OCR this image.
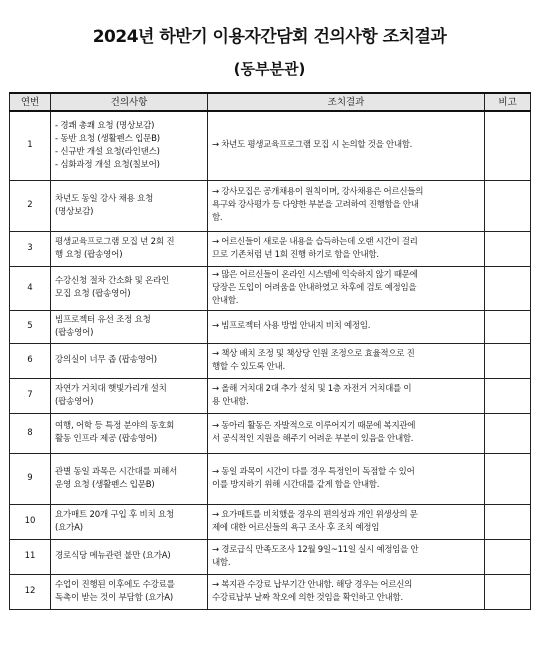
2024년 하반기 이용자간담회 건의사항 조치결과
(동부분관)
연번	건의사항	조치결과	비고
1	- 경쾌 총쾌 요청 (명상보감)
- 동반 요청 (생활펜스 입문B)
- 신규반 개설 요청(라인댄스)
- 심화과정 개설 요청(칠보어)	→ 차년도 평생교육프로그램 모집 시 논의할 것을 안내함.	

2	차년도 동일 강사 채용 요청
(명상보감)	→ 강사모집은 공개채용이 원칙이며, 강사채용은 어르신들의
욕구와 강사평가 등 다양한 부분을 고려하여 진행함을 안내
함.	

3	평생교육프로그램 모집 년 2회 진
행 요청 (팝송영어)	→ 어르신들이 새로운 내용을 습득하는데 오랜 시간이 걸리
므로 기존처럼 년 1회 진행 하기로 함을 안내함.	

4	수강신청 절차 간소화 및 온라인
모집 요청 (팝송영어)	→ 많은 어르신들이 온라인 시스템에 익숙하지 않기 때문에
당장은 도입이 어려움을 안내하였고 차후에 검토 예정임을
안내함.	

5	빔프로젝터 유선 조정 요청
(팝송영어)	→ 빔프로젝터 사용 방법 안내지 비치 예정임.	

6	강의실이 너무 좁 (팝송영어)	→ 책상 배치 조정 및 책상당 인원 조정으로 효율적으로 진
행할 수 있도록 안내.	

7	자연가 거치대 햇빛가리개 설치
(팝송영어)	→ 올해 거치대 2대 추가 설치 및 1층 자전거 거치대를 이
용 안내함.	

8	여행, 어학 등 특정 분야의 동호회
활동 인프라 제공 (팝송영어)	→ 동아리 활동은 자발적으로 이루어지기 때문에 복지관에
서 공식적인 지원을 해주기 어려운 부분이 있음을 안내함.	

9	관별 동일 과목은 시간대를 피해서
운영 요청 (생활펜스 입문B)	→ 동일 과목이 시간이 다를 경우 특정인이 독점할 수 있어
이를 방지하기 위해 시간대를 같게 함을 안내함.	

10	요가매트 20개 구입 후 비치 요청
(요가A)	→ 요가매트를 비치했을 경우의 편의성과 개인 위생상의 문
제에 대한 어르신들의 욕구 조사 후 조치 예정임	

11	경로식당 메뉴관련 불만 (요가A)	→ 경로급식 만족도조사 12월 9일~11일 실시 예정임을 안
내함.	

12	수업이 진행된 이후에도 수강료를
독촉이 받는 것이 부담함 (요가A)	→ 복지관 수강료 납부기간 안내함. 해당 경우는 어르신의
수강료납부 날짜 착오에 의한 것임을 확인하고 안내함.	
